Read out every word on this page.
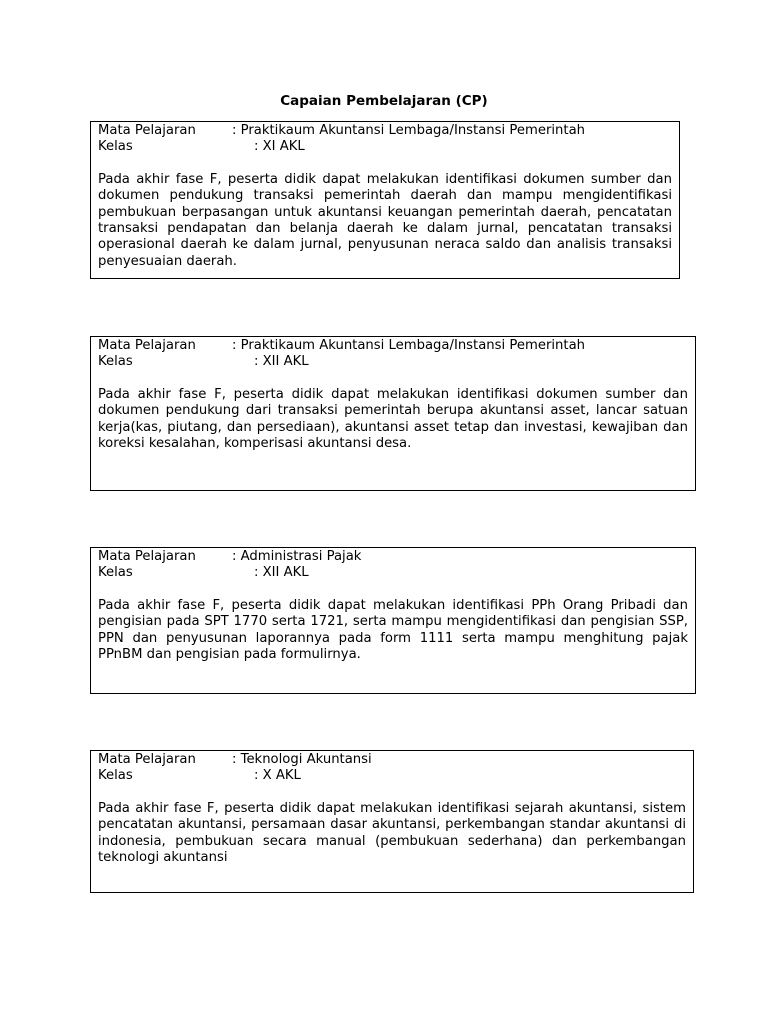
Capaian Pembelajaran (CP)
Mata Pelajaran	: Praktikaum Akuntansi Lembaga/Instansi Pemerintah
Kelas	: XI AKL
Pada akhir fase F, peserta didik dapat melakukan identifikasi dokumen sumber dan dokumen pendukung transaksi pemerintah daerah dan mampu mengidentifikasi pembukuan berpasangan untuk akuntansi keuangan pemerintah daerah, pencatatan transaksi pendapatan dan belanja daerah ke dalam jurnal, pencatatan transaksi operasional daerah ke dalam jurnal, penyusunan neraca saldo dan analisis transaksi penyesuaian daerah.
Mata Pelajaran	: Praktikaum Akuntansi Lembaga/Instansi Pemerintah
Kelas	: XII AKL
Pada akhir fase F, peserta didik dapat melakukan identifikasi dokumen sumber dan dokumen pendukung dari transaksi pemerintah berupa akuntansi asset, lancar satuan kerja(kas, piutang, dan persediaan), akuntansi asset tetap dan investasi, kewajiban dan koreksi kesalahan, komperisasi akuntansi desa.
Mata Pelajaran	: Administrasi Pajak
Kelas	: XII AKL
Pada akhir fase F, peserta didik dapat melakukan identifikasi PPh Orang Pribadi dan pengisian pada SPT 1770 serta 1721, serta mampu mengidentifikasi dan pengisian SSP, PPN dan penyusunan laporannya pada form 1111 serta mampu menghitung pajak PPnBM dan pengisian pada formulirnya.
Mata Pelajaran	: Teknologi Akuntansi
Kelas	: X AKL
Pada akhir fase F, peserta didik dapat melakukan identifikasi sejarah akuntansi, sistem pencatatan akuntansi, persamaan dasar akuntansi, perkembangan standar akuntansi di indonesia, pembukuan secara manual (pembukuan sederhana) dan perkembangan teknologi akuntansi
